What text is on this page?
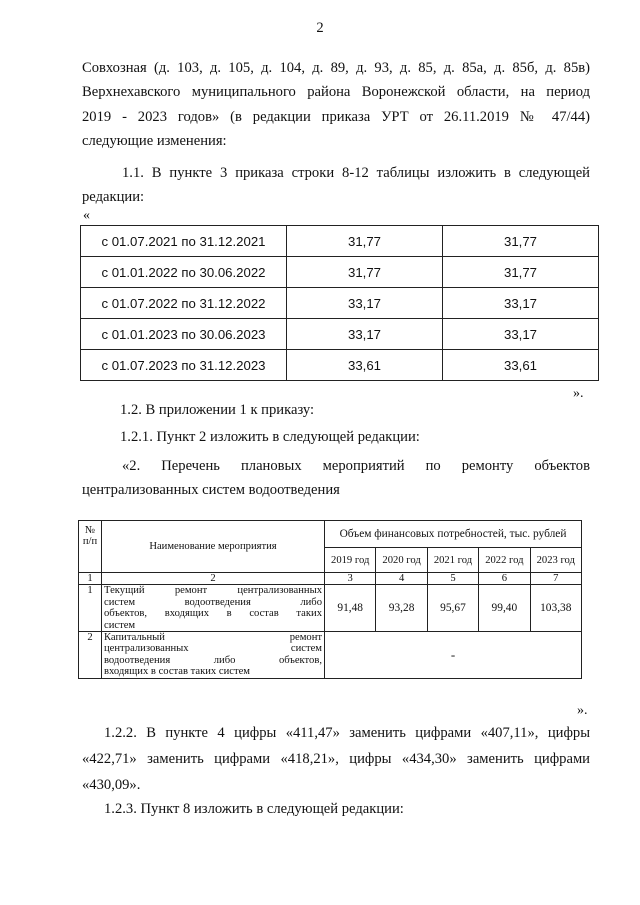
2
Совхозная (д. 103, д. 105, д. 104, д. 89, д. 93, д. 85, д. 85а, д. 85б, д. 85в)
Верхнехавского муниципального района Воронежской области, на период
2019 - 2023 годов» (в редакции приказа УРТ от 26.11.2019 № 47/44)
следующие изменения:
1.1. В пункте 3 приказа строки 8-12 таблицы изложить в следующей
редакции:
«
с 01.07.2021 по 31.12.2021	31,77	31,77
с 01.01.2022 по 30.06.2022	31,77	31,77
с 01.07.2022 по 31.12.2022	33,17	33,17
с 01.01.2023 по 30.06.2023	33,17	33,17
с 01.07.2023 по 31.12.2023	33,61	33,61
».
1.2. В приложении 1 к приказу:
1.2.1. Пункт 2 изложить в следующей редакции:
«2.   Перечень   плановых   мероприятий   по   ремонту   объектов
централизованных систем водоотведения
№ п/п	Наименование мероприятия	Объем финансовых потребностей, тыс. рублей				
		2019 год	2020 год	2021 год	2022 год	2023 год
1	2	3	4	5	6	7
1	Текущий ремонт централизованных
систем водоотведения либо
объектов, входящих в состав таких
систем	91,48	93,28	95,67	99,40	103,38
2	Капитальный ремонт
централизованных систем
водоотведения либо объектов,
входящих в состав таких систем	-				
».
1.2.2. В пункте 4 цифры «411,47» заменить цифрами «407,11», цифры
«422,71» заменить цифрами «418,21», цифры «434,30» заменить цифрами
«430,09».
1.2.3. Пункт 8 изложить в следующей редакции:
